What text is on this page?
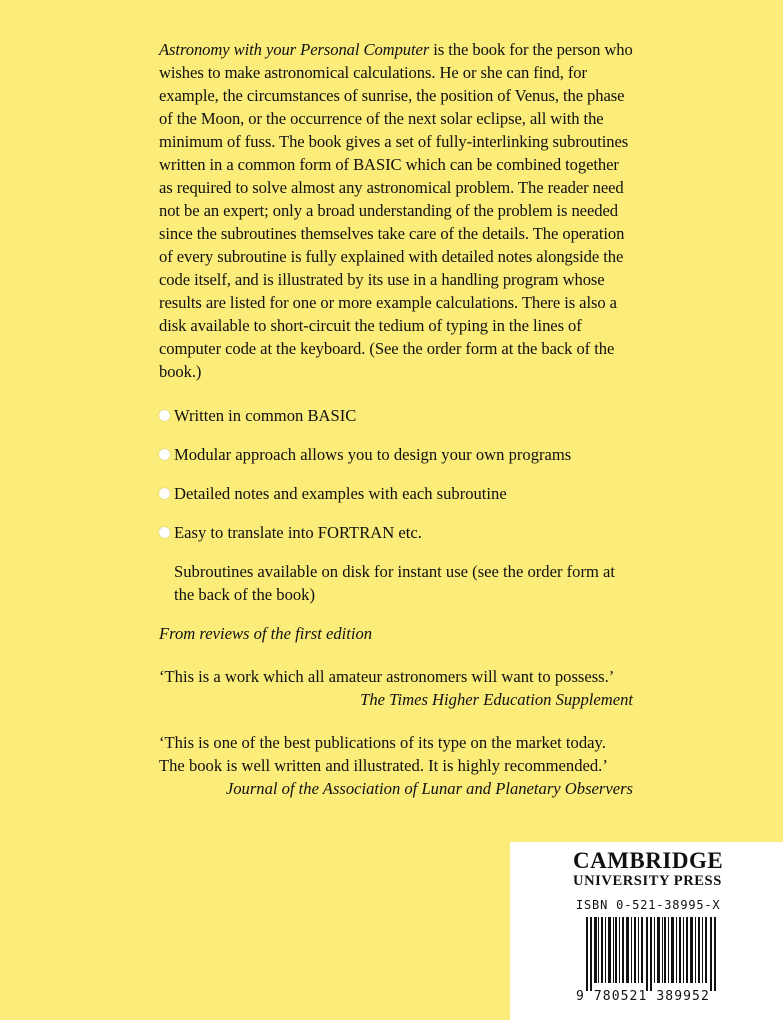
Astronomy with your Personal Computer is the book for the person who wishes to make astronomical calculations. He or she can find, for example, the circumstances of sunrise, the position of Venus, the phase of the Moon, or the occurrence of the next solar eclipse, all with the minimum of fuss. The book gives a set of fully-interlinking subroutines written in a common form of BASIC which can be combined together as required to solve almost any astronomical problem. The reader need not be an expert; only a broad understanding of the problem is needed since the subroutines themselves take care of the details. The operation of every subroutine is fully explained with detailed notes alongside the code itself, and is illustrated by its use in a handling program whose results are listed for one or more example calculations. There is also a disk available to short-circuit the tedium of typing in the lines of computer code at the keyboard. (See the order form at the back of the book.)

Written in common BASIC
Modular approach allows you to design your own programs
Detailed notes and examples with each subroutine
Easy to translate into FORTRAN etc.
Subroutines available on disk for instant use (see the order form at the back of the book)
From reviews of the first edition
‘This is a work which all amateur astronomers will want to possess.’
The Times Higher Education Supplement
‘This is one of the best publications of its type on the market today. The book is well written and illustrated. It is highly recommended.’
Journal of the Association of Lunar and Planetary Observers
CAMBRIDGE
UNIVERSITY PRESS
ISBN 0-521-38995-X
9 780521 389952
